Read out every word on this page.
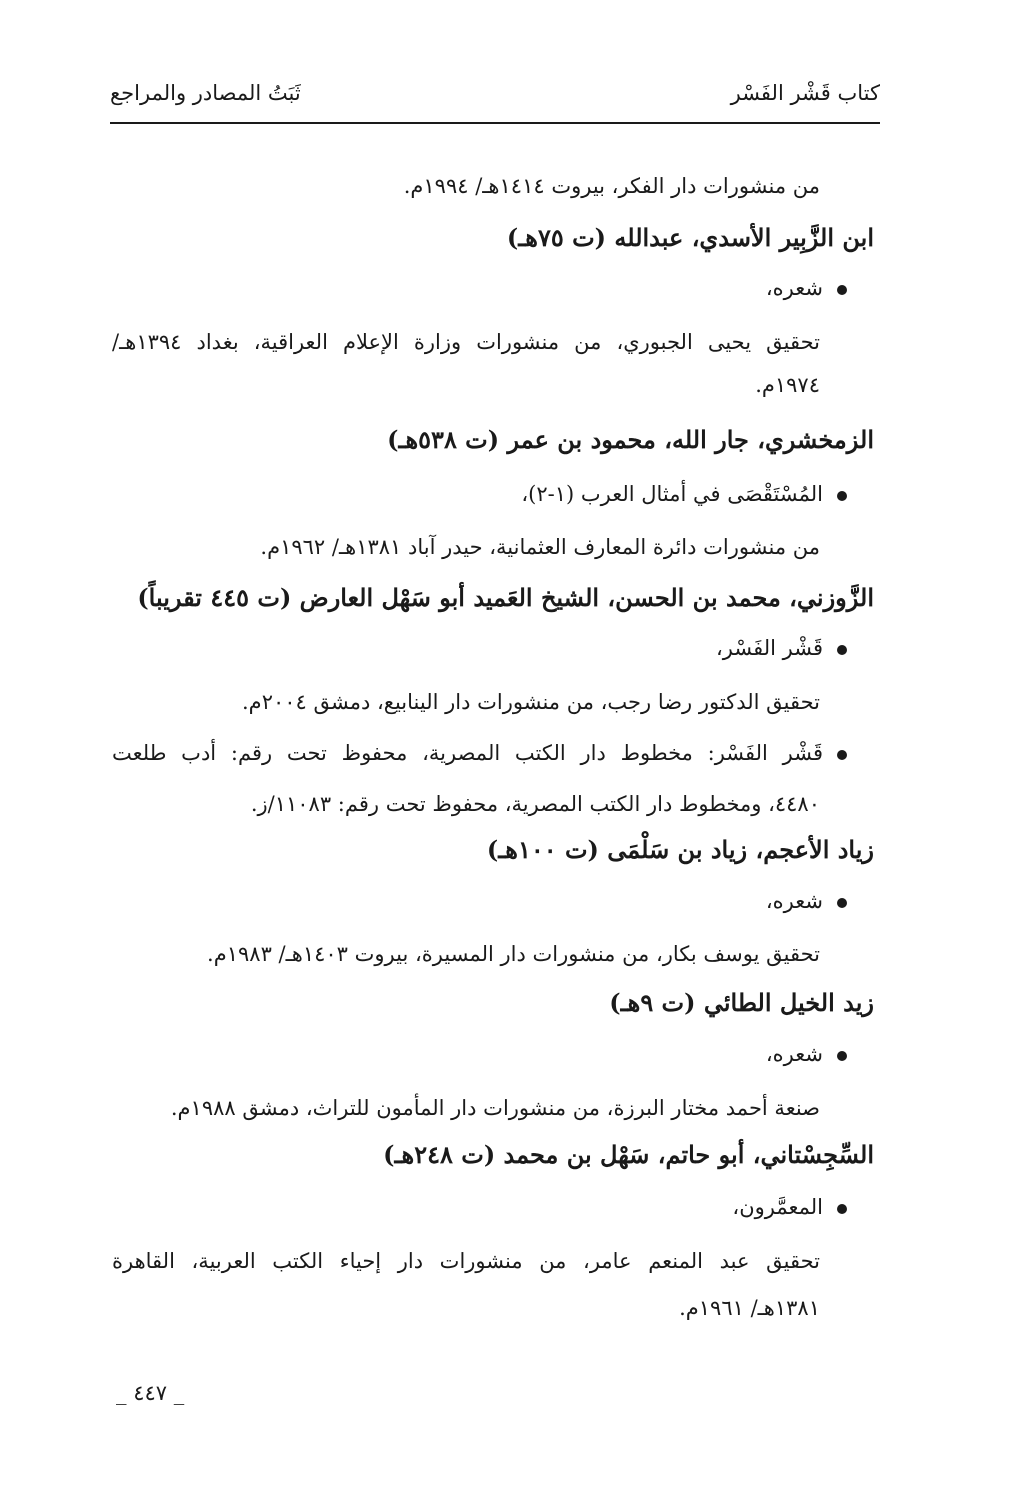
كتاب قَشْر الفَسْر
ثَبَتُ المصادر والمراجع
من منشورات دار الفكر، بيروت ١٤١٤هـ/ ١٩٩٤م.
ابن الزَّبِير الأسدي، عبدالله (ت ٧٥هـ)
شعره،
تحقيق يحيى الجبوري، من منشورات وزارة الإعلام العراقية، بغداد ١٣٩٤هـ/
١٩٧٤م.
الزمخشري، جار الله، محمود بن عمر (ت ٥٣٨هـ)
المُسْتَقْصَى في أمثال العرب (١-٢)،
من منشورات دائرة المعارف العثمانية، حيدر آباد ١٣٨١هـ/ ١٩٦٢م.
الزَّوزني، محمد بن الحسن، الشيخ العَميد أبو سَهْل العارض (ت ٤٤٥ تقريباً)
قَشْر الفَسْر،
تحقيق الدكتور رضا رجب، من منشورات دار الينابيع، دمشق ٢٠٠٤م.
قَشْر الفَسْر: مخطوط دار الكتب المصرية، محفوظ تحت رقم: أدب طلعت
٤٤٨٠، ومخطوط دار الكتب المصرية، محفوظ تحت رقم: ١١٠٨٣/ز.
زياد الأعجم، زياد بن سَلْمَى (ت ١٠٠هـ)
شعره،
تحقيق يوسف بكار، من منشورات دار المسيرة، بيروت ١٤٠٣هـ/ ١٩٨٣م.
زيد الخيل الطائي (ت ٩هـ)
شعره،
صنعة أحمد مختار البرزة، من منشورات دار المأمون للتراث، دمشق ١٩٨٨م.
السِّجِسْتاني، أبو حاتم، سَهْل بن محمد (ت ٢٤٨هـ)
المعمَّرون،
تحقيق عبد المنعم عامر، من منشورات دار إحياء الكتب العربية، القاهرة
١٣٨١هـ/ ١٩٦١م.
_ ٤٤٧ _
